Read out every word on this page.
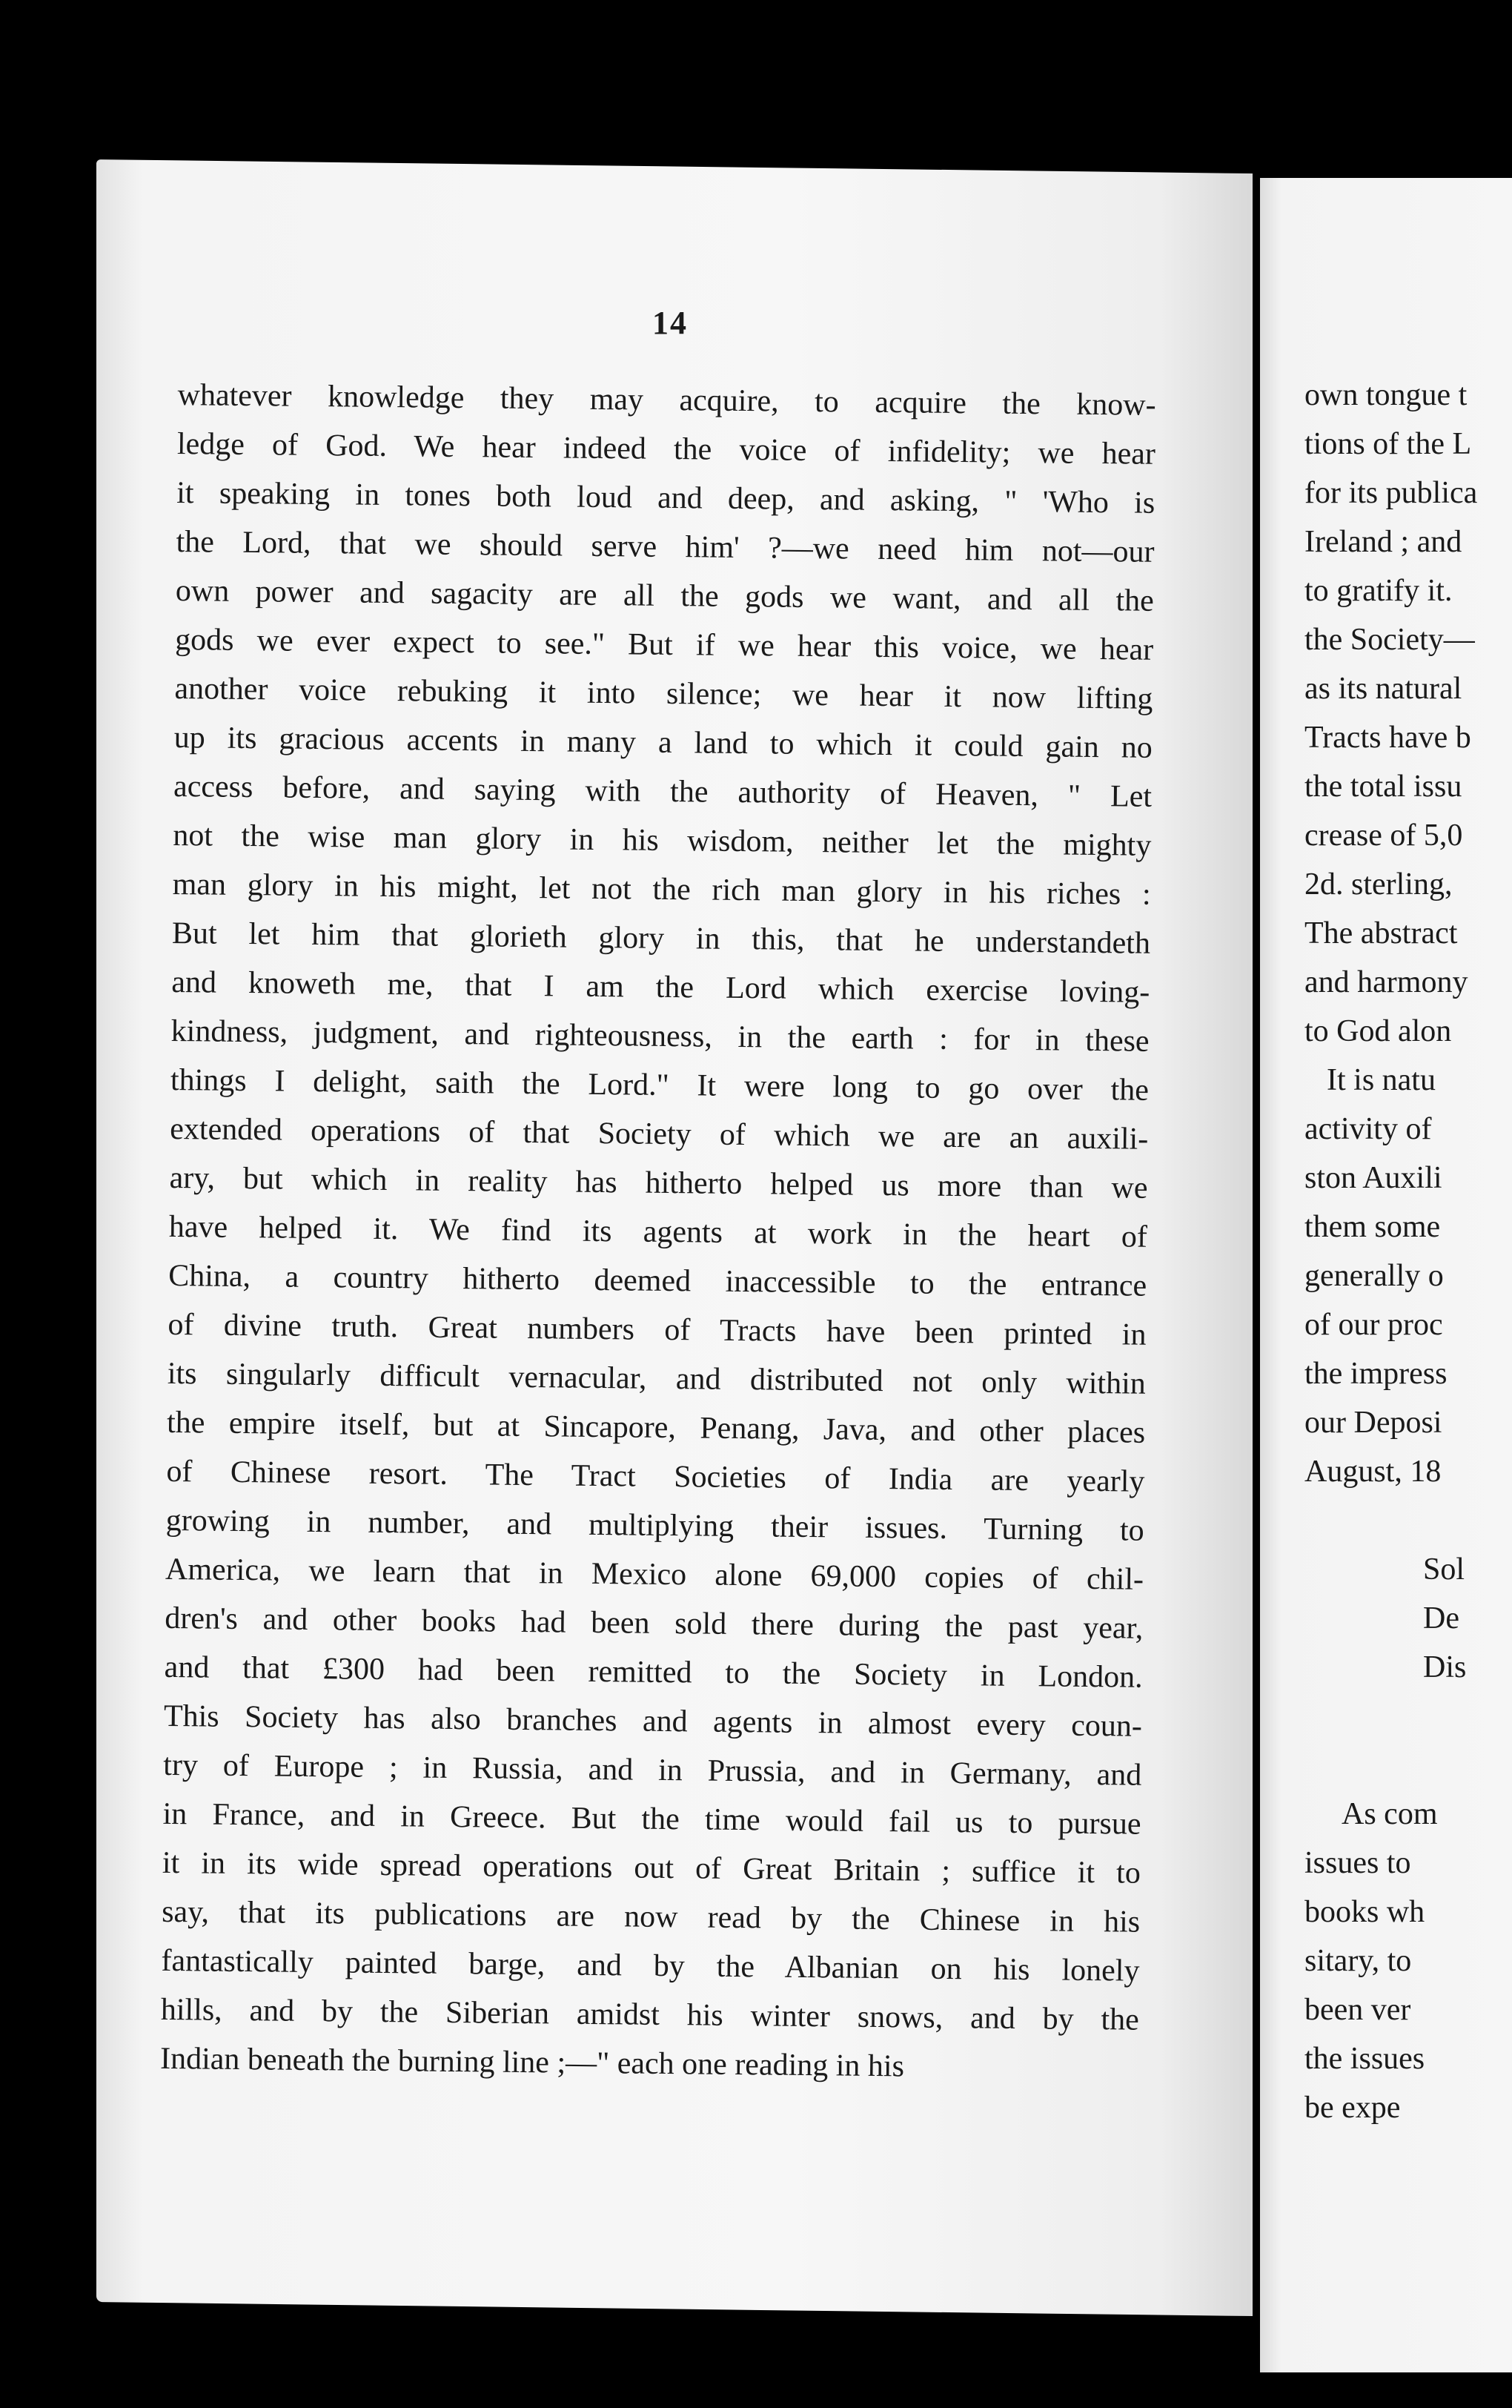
14
whatever knowledge they may acquire, to acquire the know-
ledge of God. We hear indeed the voice of infidelity; we hear
it speaking in tones both loud and deep, and asking, " 'Who is
the Lord, that we should serve him' ?—we need him not—our
own power and sagacity are all the gods we want, and all the
gods we ever expect to see." But if we hear this voice, we hear
another voice rebuking it into silence; we hear it now lifting
up its gracious accents in many a land to which it could gain no
access before, and saying with the authority of Heaven, " Let
not the wise man glory in his wisdom, neither let the mighty
man glory in his might, let not the rich man glory in his riches :
But let him that glorieth glory in this, that he understandeth
and knoweth me, that I am the Lord which exercise loving-
kindness, judgment, and righteousness, in the earth : for in these
things I delight, saith the Lord." It were long to go over the
extended operations of that Society of which we are an auxili-
ary, but which in reality has hitherto helped us more than we
have helped it. We find its agents at work in the heart of
China, a country hitherto deemed inaccessible to the entrance
of divine truth. Great numbers of Tracts have been printed in
its singularly difficult vernacular, and distributed not only within
the empire itself, but at Sincapore, Penang, Java, and other places
of Chinese resort. The Tract Societies of India are yearly
growing in number, and multiplying their issues. Turning to
America, we learn that in Mexico alone 69,000 copies of chil-
dren's and other books had been sold there during the past year,
and that £300 had been remitted to the Society in London.
This Society has also branches and agents in almost every coun-
try of Europe ; in Russia, and in Prussia, and in Germany, and
in France, and in Greece. But the time would fail us to pursue
it in its wide spread operations out of Great Britain ; suffice it to
say, that its publications are now read by the Chinese in his
fantastically painted barge, and by the Albanian on his lonely
hills, and by the Siberian amidst his winter snows, and by the
Indian beneath the burning line ;—" each one reading in his
own tongue t
tions of the L
for its publica
Ireland ; and
to gratify it.
the Society—
as its natural
Tracts have b
the total issu
crease of 5,0
2d. sterling,
The abstract
and harmony
to God alon
It is natu
activity of
ston Auxili
them some
generally o
of our proc
the impress
our Deposi
August, 18
Sol
De
Dis
As com
issues to
books wh
sitary, to
been ver
the issues
be expe
